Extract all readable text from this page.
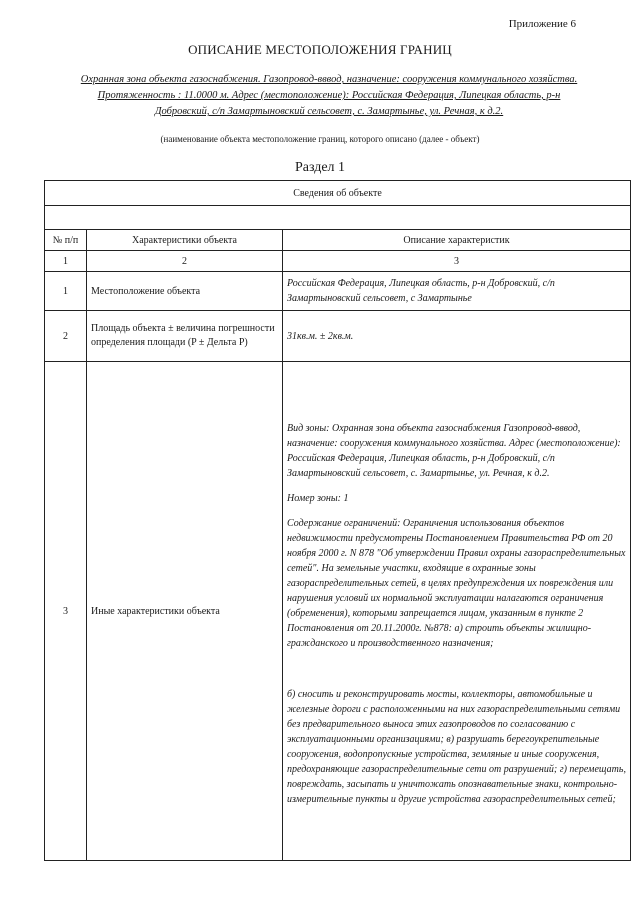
Приложение 6
ОПИСАНИЕ МЕСТОПОЛОЖЕНИЯ ГРАНИЦ
Охранная зона объекта газоснабжения. Газопровод-вввод, назначение: сооружения коммунального хозяйства. Протяженность : 11.0000 м. Адрес (местоположение): Российская Федерация, Липецкая область, р-н Добровский, с/п Замартыновский сельсовет, с. Замартынье, ул. Речная, к д.2.
(наименование объекта местоположение границ, которого описано (далее - объект)
Раздел 1
Сведения об объекте		

№ п/п	Характеристики объекта	Описание характеристик
1	2	3
1	Местоположение объекта	Российская Федерация, Липецкая область, р-н Добровский, с/п Замартыновский сельсовет, с Замартынье
2	Площадь объекта ± величина погрешности определения площади (P ± Дельта P)	31кв.м. ± 2кв.м.
3	Иные характеристики объекта	Вид зоны: Охранная зона объекта газоснабжения Газопровод-вввод, назначение: сооружения коммунального хозяйства. Адрес (местоположение): Российская Федерация, Липецкая область, р-н Добровский, с/п Замартыновский сельсовет, с. Замартынье, ул. Речная, к д.2.

Номер зоны: 1

Содержание ограничений: Ограничения использования объектов недвижимости предусмотрены Постановлением Правительства РФ от 20 ноября 2000 г. N 878 "Об утверждении Правил охраны газораспределительных сетей". На земельные участки, входящие в охранные зоны газораспределительных сетей, в целях предупреждения их повреждения или нарушения условий их нормальной эксплуатации налагаются ограничения (обременения), которыми запрещается лицам, указанным в пункте 2 Постановления от 20.11.2000г. №878: а) строить объекты жилищно-гражданского и производственного назначения;

б) сносить и реконструировать мосты, коллекторы, автомобильные и железные дороги с расположенными на них газораспределительными сетями без предварительного выноса этих газопроводов по согласованию с эксплуатационными организациями; в) разрушать берегоукрепительные сооружения, водопропускные устройства, земляные и иные сооружения, предохраняющие газораспределительные сети от разрушений; г) перемещать, повреждать, засыпать и уничтожать опознавательные знаки, контрольно-измерительные пункты и другие устройства газораспределительных сетей;
